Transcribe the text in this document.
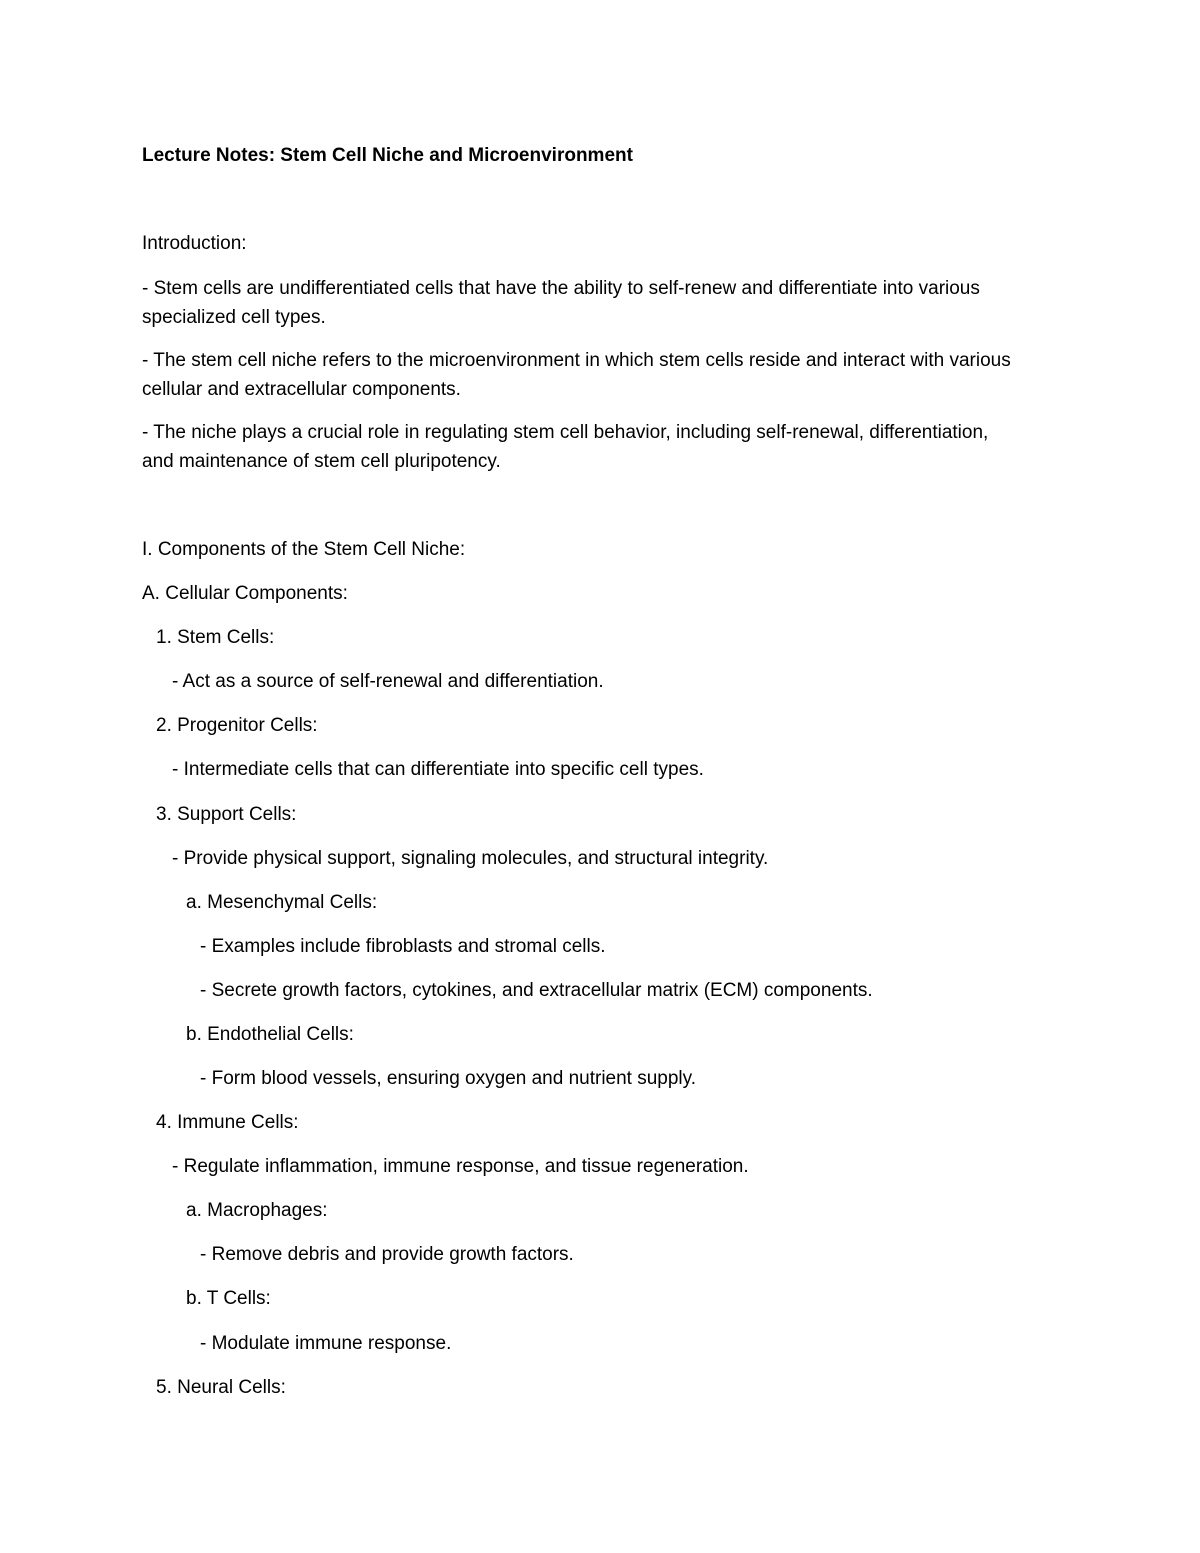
Lecture Notes: Stem Cell Niche and Microenvironment

Introduction:

- Stem cells are undifferentiated cells that have the ability to self-renew and differentiate into various

specialized cell types.

- The stem cell niche refers to the microenvironment in which stem cells reside and interact with various

cellular and extracellular components.

- The niche plays a crucial role in regulating stem cell behavior, including self-renewal, differentiation,

and maintenance of stem cell pluripotency.

I. Components of the Stem Cell Niche:

A. Cellular Components:

1. Stem Cells:

- Act as a source of self-renewal and differentiation.

2. Progenitor Cells:

- Intermediate cells that can differentiate into specific cell types.

3. Support Cells:

- Provide physical support, signaling molecules, and structural integrity.

a. Mesenchymal Cells:

- Examples include fibroblasts and stromal cells.

- Secrete growth factors, cytokines, and extracellular matrix (ECM) components.

b. Endothelial Cells:

- Form blood vessels, ensuring oxygen and nutrient supply.

4. Immune Cells:

- Regulate inflammation, immune response, and tissue regeneration.

a. Macrophages:

- Remove debris and provide growth factors.

b. T Cells:

- Modulate immune response.

5. Neural Cells:
